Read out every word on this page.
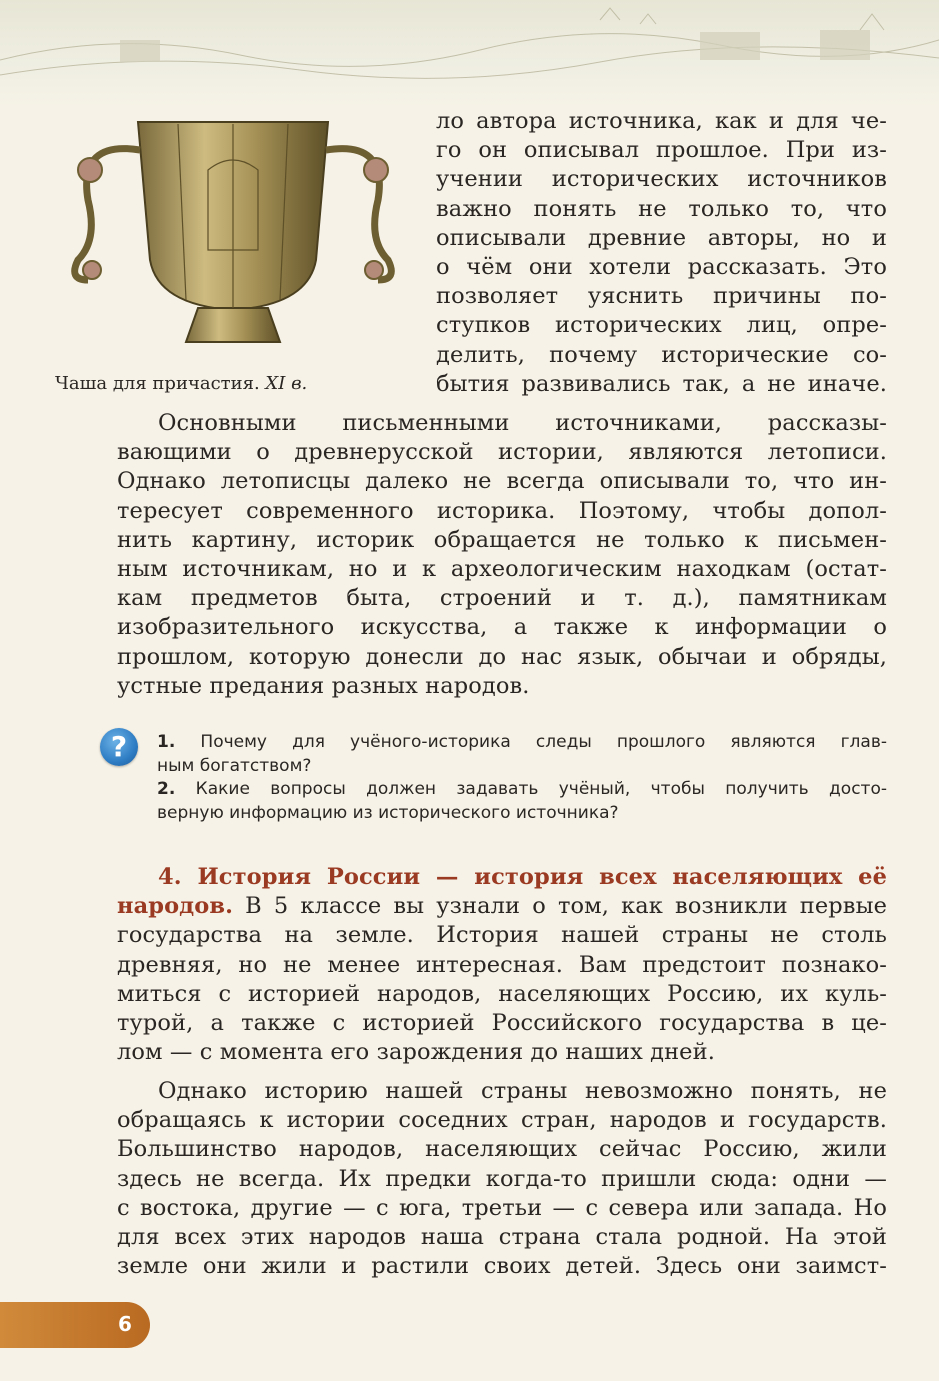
Чаша для причастия. XI в.
ло автора источника, как и для че-
го он описывал прошлое. При из-
учении исторических источников
важно понять не только то, что
описывали древние авторы, но и
о чём они хотели рассказать. Это
позволяет уяснить причины по-
ступков исторических лиц, опре-
делить, почему исторические со-
бытия развивались так, а не иначе.
Основными письменными источниками, рассказы-
вающими о древнерусской истории, являются летописи.
Однако летописцы далеко не всегда описывали то, что ин-
тересует современного историка. Поэтому, чтобы допол-
нить картину, историк обращается не только к письмен-
ным источникам, но и к археологическим находкам (остат-
кам предметов быта, строений и т. д.), памятникам
изобразительного искусства, а также к информации о
прошлом, которую донесли до нас язык, обычаи и обряды,
устные предания разных народов.
?	1. Почему для учёного-историка следы прошлого являются глав-
ным богатством?
2. Какие вопросы должен задавать учёный, чтобы получить досто-
верную информацию из исторического источника?
4. История России — история всех населяющих её
народов. В 5 классе вы узнали о том, как возникли первые
государства на земле. История нашей страны не столь
древняя, но не менее интересная. Вам предстоит познако-
миться с историей народов, населяющих Россию, их куль-
турой, а также с историей Российского государства в це-
лом — с момента его зарождения до наших дней.
Однако историю нашей страны невозможно понять, не
обращаясь к истории соседних стран, народов и государств.
Большинство народов, населяющих сейчас Россию, жили
здесь не всегда. Их предки когда-то пришли сюда: одни —
с востока, другие — с юга, третьи — с севера или запада. Но
для всех этих народов наша страна стала родной. На этой
земле они жили и растили своих детей. Здесь они заимст-
6
